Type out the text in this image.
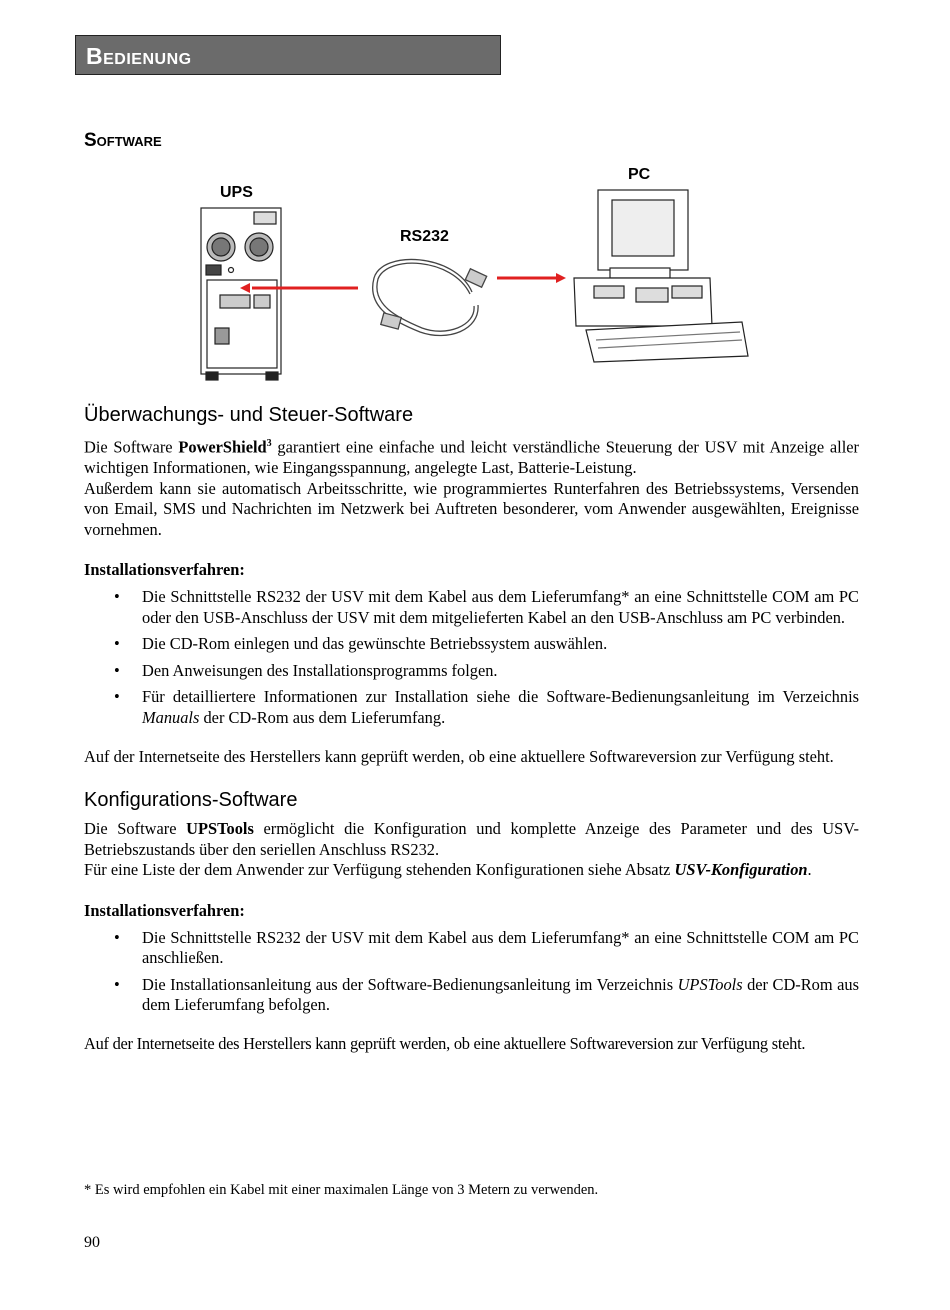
Bedienung
Software
UPS
RS232
PC
Überwachungs- und Steuer-Software

Die Software PowerShield$^3$ garantiert eine einfache und leicht verständliche Steuerung der USV mit Anzeige aller wichtigen Informationen, wie Eingangsspannung, angelegte Last, Batterie-Leistung.

Außerdem kann sie automatisch Arbeitsschritte, wie programmiertes Runterfahren des Betriebssystems, Versenden von Email, SMS und Nachrichten im Netzwerk bei Auftreten besonderer, vom Anwender ausgewählten, Ereignisse vornehmen.

Installationsverfahren:

• Die Schnittstelle RS232 der USV mit dem Kabel aus dem Lieferumfang* an eine Schnittstelle COM am PC oder den USB-Anschluss der USV mit dem mitgelieferten Kabel an den USB-Anschluss am PC verbinden.
• Die CD-Rom einlegen und das gewünschte Betriebssystem auswählen.
• Den Anweisungen des Installationsprogramms folgen.
• Für detailliertere Informationen zur Installation siehe die Software-Bedienungsanleitung im Verzeichnis Manuals der CD-Rom aus dem Lieferumfang.

Auf der Internetseite des Herstellers kann geprüft werden, ob eine aktuellere Softwareversion zur Verfügung steht.

Konfigurations-Software

Die Software UPSTools ermöglicht die Konfiguration und komplette Anzeige des Parameter und des USV-Betriebszustands über den seriellen Anschluss RS232.

Für eine Liste der dem Anwender zur Verfügung stehenden Konfigurationen siehe Absatz USV-Konfiguration.

Installationsverfahren:

• Die Schnittstelle RS232 der USV mit dem Kabel aus dem Lieferumfang* an eine Schnittstelle COM am PC anschließen.
• Die Installationsanleitung aus der Software-Bedienungsanleitung im Verzeichnis UPSTools der CD-Rom aus dem Lieferumfang befolgen.

Auf der Internetseite des Herstellers kann geprüft werden, ob eine aktuellere Softwareversion zur Verfügung steht.

* Es wird empfohlen ein Kabel mit einer maximalen Länge von 3 Metern zu verwenden.
90
